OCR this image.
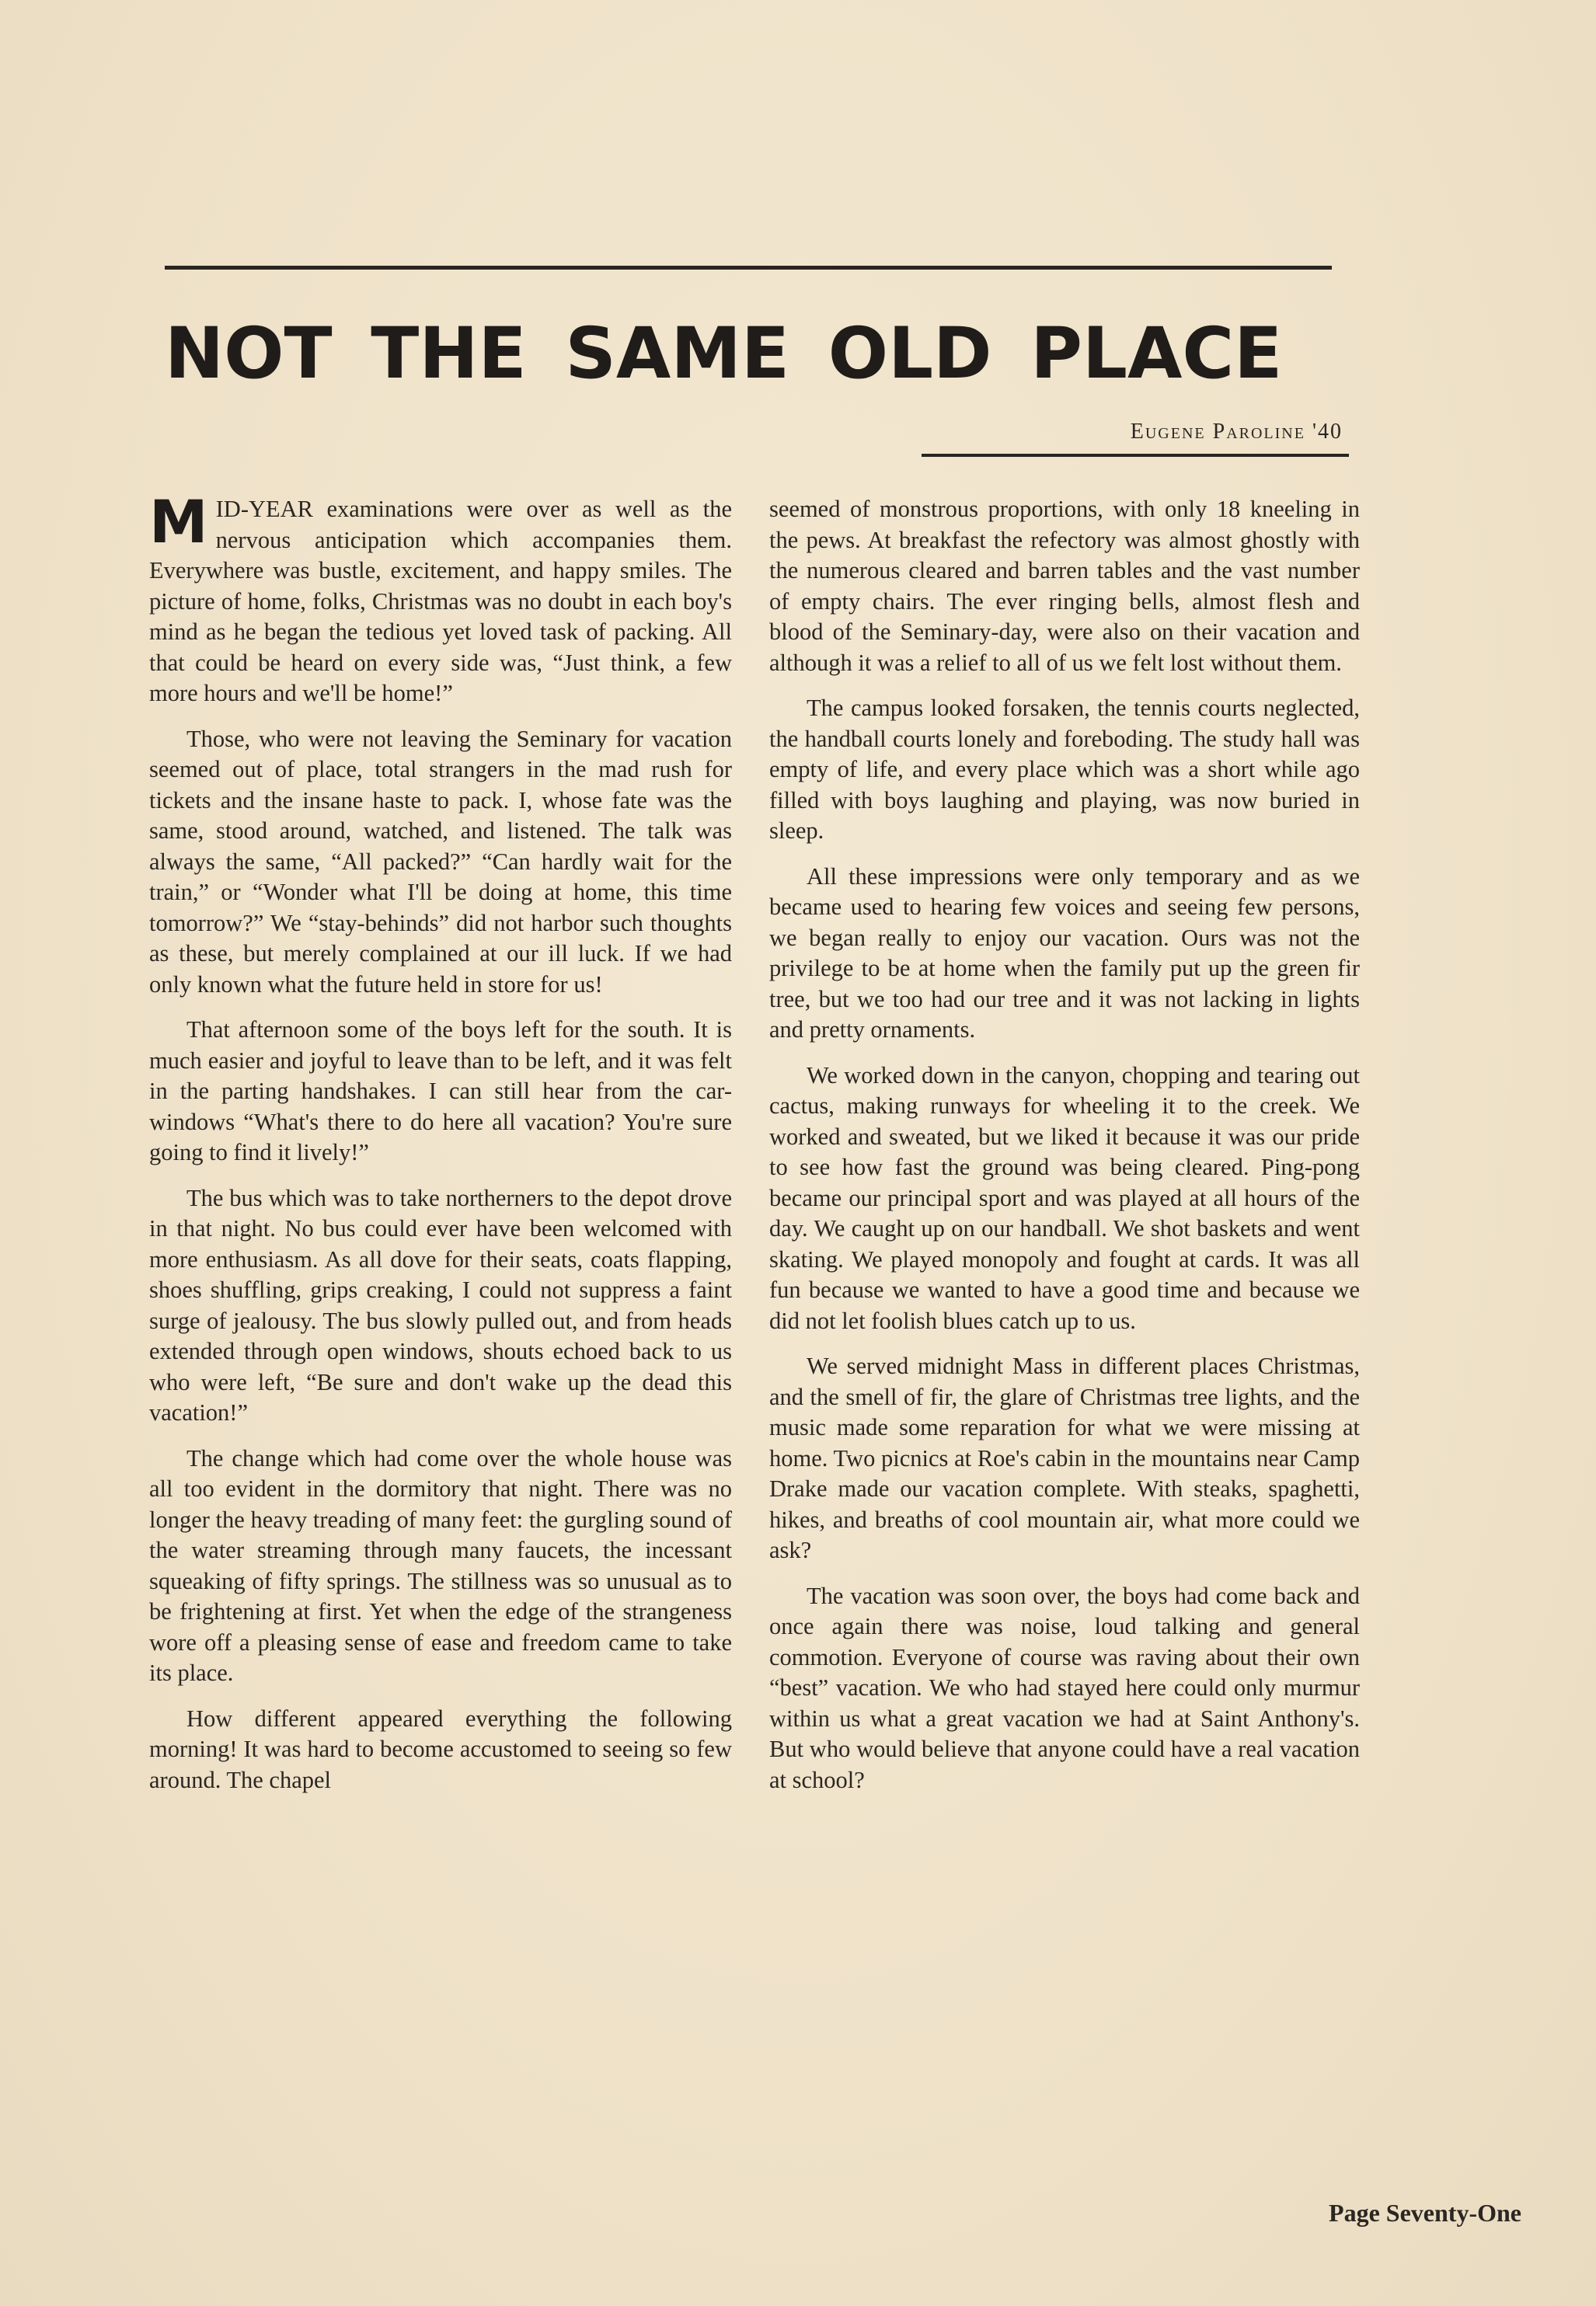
NOT THE SAME OLD PLACE
Eugene Paroline '40

MID-YEAR examinations were over as well as the nervous anticipation which accompanies them. Everywhere was bustle, excitement, and happy smiles. The picture of home, folks, Christmas was no doubt in each boy's mind as he began the tedious yet loved task of packing. All that could be heard on every side was, “Just think, a few more hours and we'll be home!”

Those, who were not leaving the Seminary for vacation seemed out of place, total strangers in the mad rush for tickets and the insane haste to pack. I, whose fate was the same, stood around, watched, and listened. The talk was always the same, “All packed?” “Can hardly wait for the train,” or “Wonder what I'll be doing at home, this time tomorrow?” We “stay-behinds” did not harbor such thoughts as these, but merely complained at our ill luck. If we had only known what the future held in store for us!

That afternoon some of the boys left for the south. It is much easier and joyful to leave than to be left, and it was felt in the parting handshakes. I can still hear from the car-windows “What's there to do here all vacation? You're sure going to find it lively!”

The bus which was to take northerners to the depot drove in that night. No bus could ever have been welcomed with more enthusiasm. As all dove for their seats, coats flapping, shoes shuffling, grips creaking, I could not suppress a faint surge of jealousy. The bus slowly pulled out, and from heads extended through open windows, shouts echoed back to us who were left, “Be sure and don't wake up the dead this vacation!”

The change which had come over the whole house was all too evident in the dormitory that night. There was no longer the heavy treading of many feet: the gurgling sound of the water streaming through many faucets, the incessant squeaking of fifty springs. The stillness was so unusual as to be frightening at first. Yet when the edge of the strangeness wore off a pleasing sense of ease and freedom came to take its place.

How different appeared everything the following morning! It was hard to become accustomed to seeing so few around. The chapel

seemed of monstrous proportions, with only 18 kneeling in the pews. At breakfast the refectory was almost ghostly with the numerous cleared and barren tables and the vast number of empty chairs. The ever ringing bells, almost flesh and blood of the Seminary-day, were also on their vacation and although it was a relief to all of us we felt lost without them.

The campus looked forsaken, the tennis courts neglected, the handball courts lonely and foreboding. The study hall was empty of life, and every place which was a short while ago filled with boys laughing and playing, was now buried in sleep.

All these impressions were only temporary and as we became used to hearing few voices and seeing few persons, we began really to enjoy our vacation. Ours was not the privilege to be at home when the family put up the green fir tree, but we too had our tree and it was not lacking in lights and pretty ornaments.

We worked down in the canyon, chopping and tearing out cactus, making runways for wheeling it to the creek. We worked and sweated, but we liked it because it was our pride to see how fast the ground was being cleared. Ping-pong became our principal sport and was played at all hours of the day. We caught up on our handball. We shot baskets and went skating. We played monopoly and fought at cards. It was all fun because we wanted to have a good time and because we did not let foolish blues catch up to us.

We served midnight Mass in different places Christmas, and the smell of fir, the glare of Christmas tree lights, and the music made some reparation for what we were missing at home. Two picnics at Roe's cabin in the mountains near Camp Drake made our vacation complete. With steaks, spaghetti, hikes, and breaths of cool mountain air, what more could we ask?

The vacation was soon over, the boys had come back and once again there was noise, loud talking and general commotion. Everyone of course was raving about their own “best” vacation. We who had stayed here could only murmur within us what a great vacation we had at Saint Anthony's. But who would believe that anyone could have a real vacation at school?

Page Seventy-One
